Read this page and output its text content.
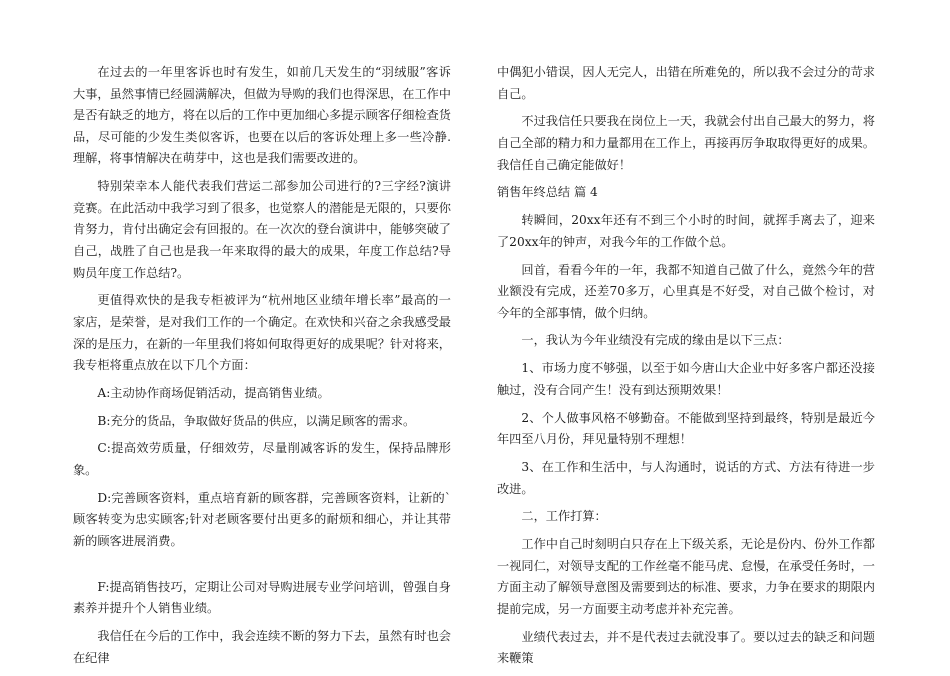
在过去的一年里客诉也时有发生，如前几天发生的“羽绒服”客诉大事，虽然事情已经圆满解决，但做为导购的我们也得深思，在工作中是否有缺乏的地方，将在以后的工作中更加细心多提示顾客仔细检查货品，尽可能的少发生类似客诉，也要在以后的客诉处理上多一些冷静.理解，将事情解决在萌芽中，这也是我们需要改进的。

特别荣幸本人能代表我们营运二部参加公司进行的?三字经?演讲竞赛。在此活动中我学习到了很多，也觉察人的潜能是无限的，只要你肯努力，肯付出确定会有回报的。在一次次的登台演讲中，能够突破了自己，战胜了自己也是我一年来取得的最大的成果，年度工作总结?导购员年度工作总结?。

更值得欢快的是我专柜被评为“杭州地区业绩年增长率”最高的一家店，是荣誉，是对我们工作的一个确定。在欢快和兴奋之余我感受最深的是压力，在新的一年里我们将如何取得更好的成果呢？针对将来，我专柜将重点放在以下几个方面：

A:主动协作商场促销活动，提高销售业绩。

B:充分的货品，争取做好货品的供应，以满足顾客的需求。

C:提高效劳质量，仔细效劳，尽量削减客诉的发生，保持品牌形象。

D:完善顾客资料，重点培育新的顾客群，完善顾客资料，让新的`顾客转变为忠实顾客;针对老顾客要付出更多的耐烦和细心，并让其带新的顾客进展消费。

F:提高销售技巧，定期让公司对导购进展专业学问培训，曾强自身素养并提升个人销售业绩。

我信任在今后的工作中，我会连续不断的努力下去，虽然有时也会在纪律

中偶犯小错误，因人无完人，出错在所难免的，所以我不会过分的苛求自己。

不过我信任只要我在岗位上一天，我就会付出自己最大的努力，将自己全部的精力和力量都用在工作上，再接再厉争取取得更好的成果。我信任自己确定能做好！

销售年终总结 篇 4

转瞬间，20xx年还有不到三个小时的时间，就挥手离去了，迎来了20xx年的钟声，对我今年的工作做个总。

回首，看看今年的一年，我都不知道自己做了什么，竟然今年的营业额没有完成，还差70多万，心里真是不好受，对自己做个检讨，对今年的全部事情，做个归纳。

一，我认为今年业绩没有完成的缘由是以下三点：

1、市场力度不够强，以至于如今唐山大企业中好多客户都还没接触过，没有合同产生！没有到达预期效果！

2、个人做事风格不够勤奋。不能做到坚持到最终，特别是最近今年四至八月份，拜见量特别不理想！

3、在工作和生活中，与人沟通时，说话的方式、方法有待进一步改进。

二，工作打算：

工作中自己时刻明白只存在上下级关系，无论是份内、份外工作都一视同仁，对领导支配的工作丝毫不能马虎、怠慢，在承受任务时，一方面主动了解领导意图及需要到达的标准、要求，力争在要求的期限内提前完成，另一方面要主动考虑并补充完善。

业绩代表过去，并不是代表过去就没事了。要以过去的缺乏和问题来鞭策
